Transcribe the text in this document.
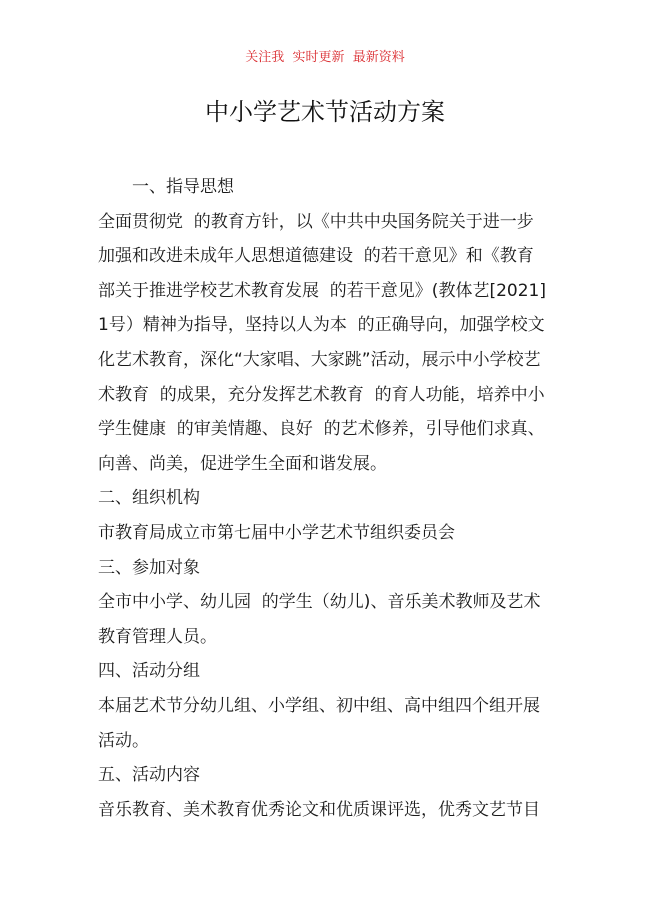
关注我  实时更新  最新资料
中小学艺术节活动方案
一、指导思想
全面贯彻党  的教育方针，以《中共中央国务院关于进一步
加强和改进未成年人思想道德建设  的若干意见》和《教育
部关于推进学校艺术教育发展  的若干意见》(教体艺[2021]
1号）精神为指导，坚持以人为本  的正确导向，加强学校文
化艺术教育，深化“大家唱、大家跳”活动，展示中小学校艺
术教育  的成果，充分发挥艺术教育  的育人功能，培养中小
学生健康  的审美情趣、良好  的艺术修养，引导他们求真、
向善、尚美，促进学生全面和谐发展。
二、组织机构
市教育局成立市第七届中小学艺术节组织委员会
三、参加对象
全市中小学、幼儿园  的学生（幼儿)、音乐美术教师及艺术
教育管理人员。
四、活动分组
本届艺术节分幼儿组、小学组、初中组、高中组四个组开展
活动。
五、活动内容
音乐教育、美术教育优秀论文和优质课评选，优秀文艺节目
